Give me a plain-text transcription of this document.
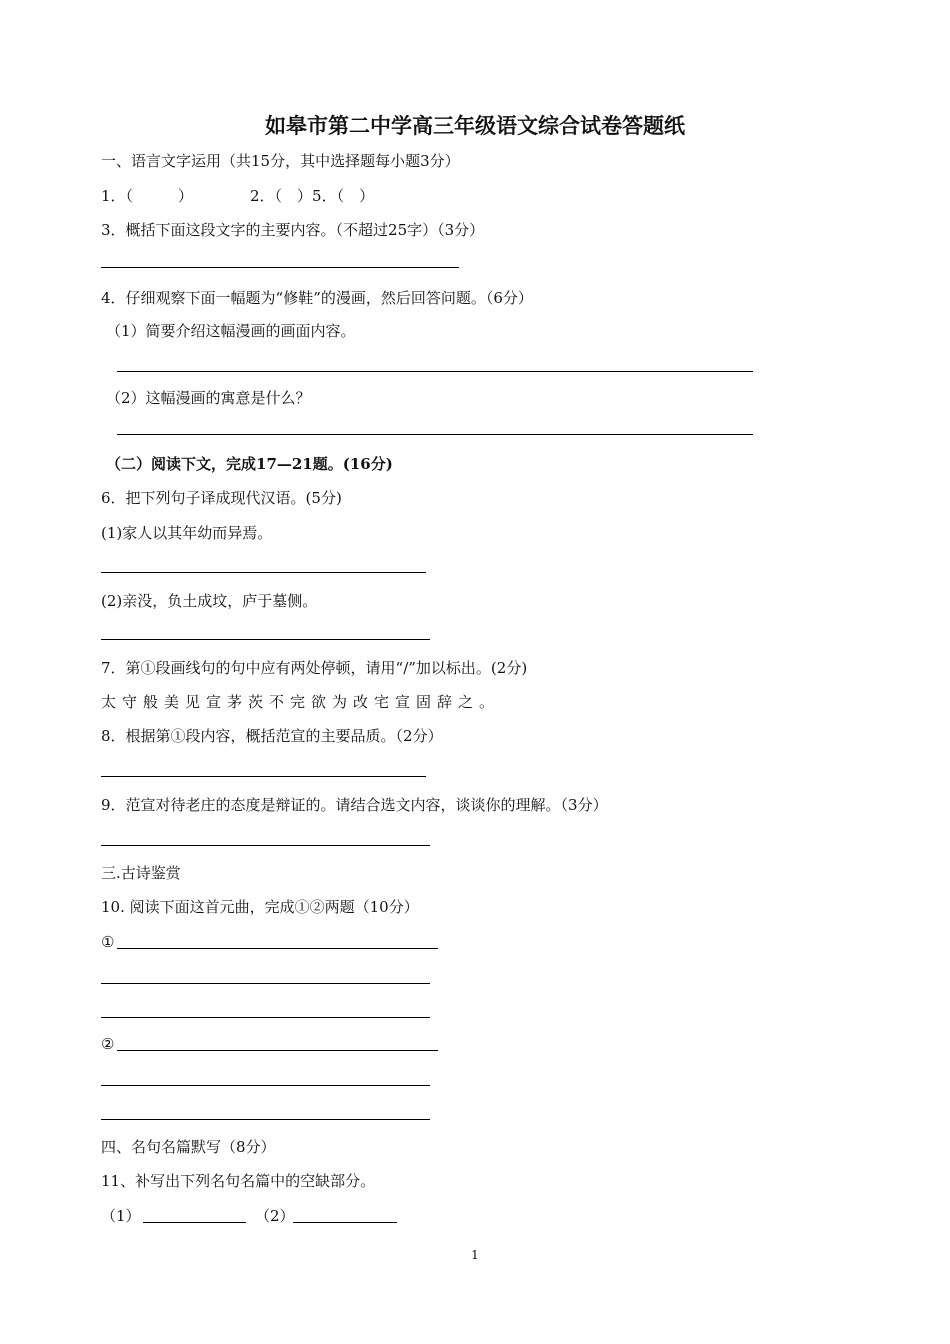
如皋市第二中学高三年级语文综合试卷答题纸
一、语言文字运用（共15分，其中选择题每小题3分）
1．（　　　）	2．（　）5．（　）
3．概括下面这段文字的主要内容。（不超过25字）（3分）
4．仔细观察下面一幅题为“修鞋”的漫画，然后回答问题。（6分）
（1）简要介绍这幅漫画的画面内容。
（2）这幅漫画的寓意是什么？
（二）阅读下文，完成17—21题。(16分)
6．把下列句子译成现代汉语。(5分)
(1)家人以其年幼而异焉。
(2)亲没，负土成坟，庐于墓侧。
7．第①段画线句的句中应有两处停顿，请用“/”加以标出。(2分)
太守般美见宣茅茨不完欲为改宅宣固辞之。
8．根据第①段内容，概括范宣的主要品质。（2分）
9．范宣对待老庄的态度是辩证的。请结合选文内容，谈谈你的理解。（3分）
三.古诗鉴赏
10. 阅读下面这首元曲，完成①②两题（10分）
①
②
四、名句名篇默写（8分）
11、补写出下列名句名篇中的空缺部分。
（1）	（2）
1
